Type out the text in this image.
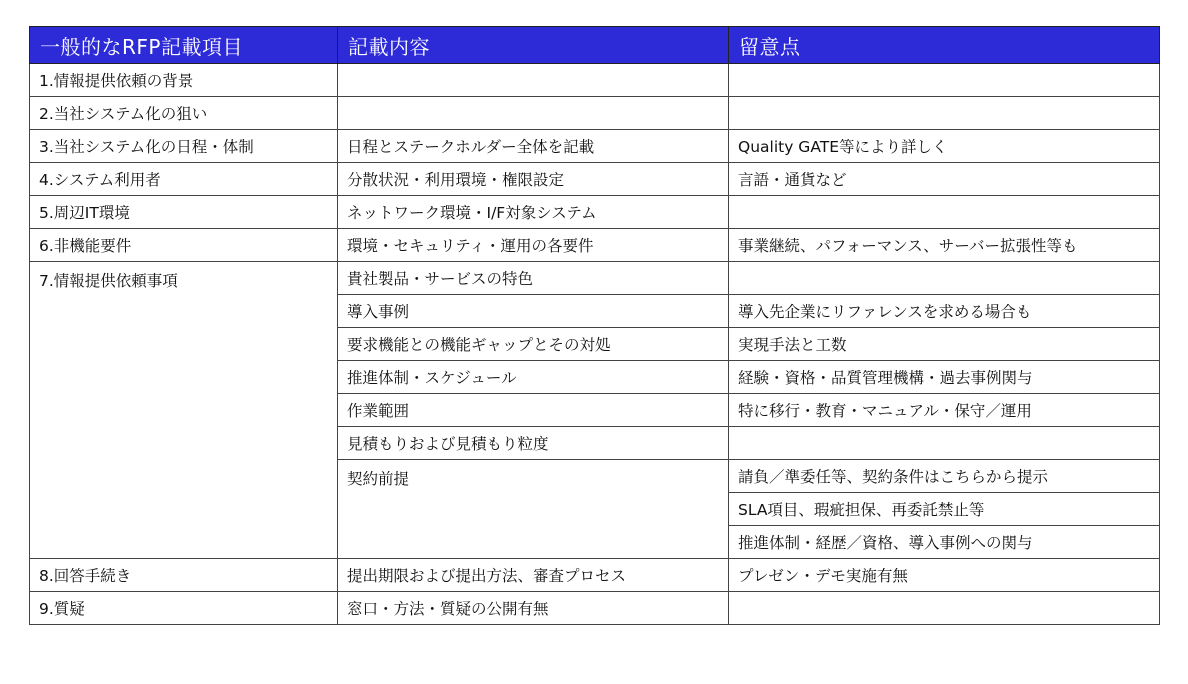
一般的なRFP記載項目	記載内容	留意点
1.情報提供依頼の背景		
2.当社システム化の狙い		
3.当社システム化の日程・体制	日程とステークホルダー全体を記載	Quality GATE等により詳しく
4.システム利用者	分散状況・利用環境・権限設定	言語・通貨など
5.周辺IT環境	ネットワーク環境・I/F対象システム	
6.非機能要件	環境・セキュリティ・運用の各要件	事業継続、パフォーマンス、サーバー拡張性等も
7.情報提供依頼事項	貴社製品・サービスの特色	
	導入事例	導入先企業にリファレンスを求める場合も
	要求機能との機能ギャップとその対処	実現手法と工数
	推進体制・スケジュール	経験・資格・品質管理機構・過去事例関与
	作業範囲	特に移行・教育・マニュアル・保守／運用
	見積もりおよび見積もり粒度	
	契約前提	請負／準委任等、契約条件はこちらから提示
		SLA項目、瑕疵担保、再委託禁止等
		推進体制・経歴／資格、導入事例への関与
8.回答手続き	提出期限および提出方法、審査プロセス	プレゼン・デモ実施有無
9.質疑	窓口・方法・質疑の公開有無	
